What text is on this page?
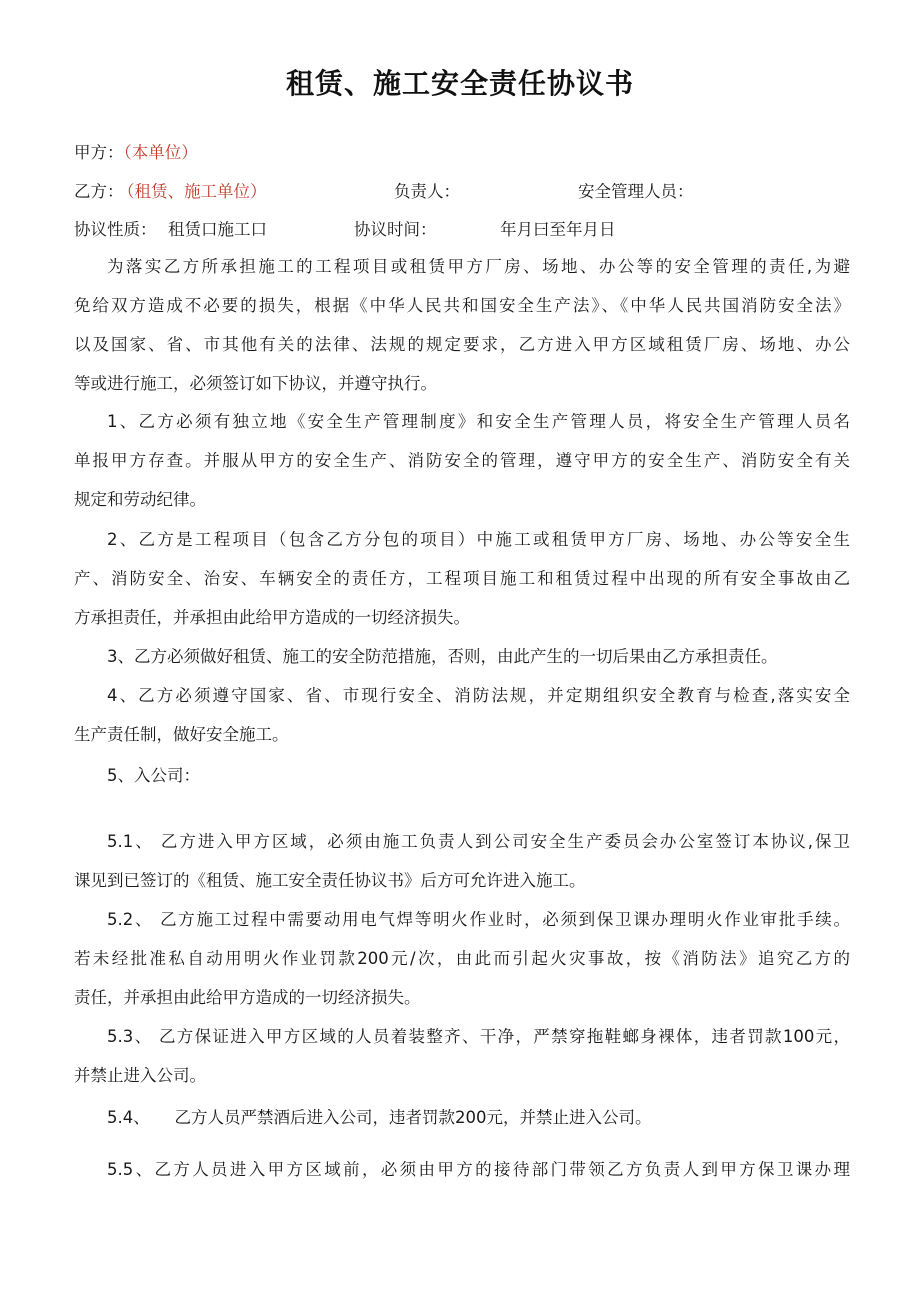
租赁、施工安全责任协议书
甲方：（本单位）
乙方：
（租赁、施工单位）	负责人：	安全管理人员：
协议性质： 租赁口施工口	协议时间：	年月曰至年月日
为落实乙方所承担施工的工程项目或租赁甲方厂房、场地、办公等的安全管理的责任,为避
免给双方造成不必要的损失，根据《中华人民共和国安全生产法》、《中华人民共国消防安全法》
以及国家、省、市其他有关的法律、法规的规定要求，乙方进入甲方区域租赁厂房、场地、办公
等或进行施工，必须签订如下协议，并遵守执行。
1、乙方必须有独立地《安全生产管理制度》和安全生产管理人员，将安全生产管理人员名
单报甲方存查。并服从甲方的安全生产、消防安全的管理，遵守甲方的安全生产、消防安全有关
规定和劳动纪律。
2、乙方是工程项目（包含乙方分包的项目）中施工或租赁甲方厂房、场地、办公等安全生
产、消防安全、治安、车辆安全的责任方，工程项目施工和租赁过程中出现的所有安全事故由乙
方承担责任，并承担由此给甲方造成的一切经济损失。
3、乙方必须做好租赁、施工的安全防范措施，否则，由此产生的一切后果由乙方承担责任。
4、乙方必须遵守国家、省、市现行安全、消防法规，并定期组织安全教育与检查,落实安全
生产责任制，做好安全施工。
5、入公司：
5.1、 乙方进入甲方区域，必须由施工负责人到公司安全生产委员会办公室签订本协议,保卫
课见到已签订的《租赁、施工安全责任协议书》后方可允许进入施工。
5.2、 乙方施工过程中需要动用电气焊等明火作业时，必须到保卫课办理明火作业审批手续。
若未经批准私自动用明火作业罚款200元/次，由此而引起火灾事故，按《消防法》追究乙方的
责任，并承担由此给甲方造成的一切经济损失。
5.3、 乙方保证进入甲方区域的人员着装整齐、干净，严禁穿拖鞋螂身裸体，违者罚款100元，
并禁止进入公司。
5.4、　　乙方人员严禁酒后进入公司，违者罚款200元，并禁止进入公司。
5.5、乙方人员进入甲方区域前，必须由甲方的接待部门带领乙方负责人到甲方保卫课办理
